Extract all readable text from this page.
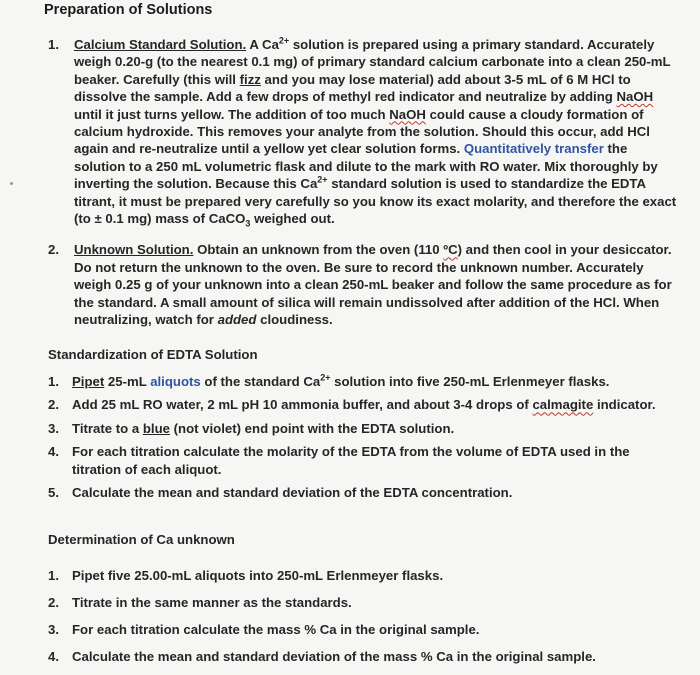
Preparation of Solutions
1.	Calcium Standard Solution. A $Ca^{2+}$ solution is prepared using a primary standard. Accurately weigh 0.20-g (to the nearest 0.1 mg) of primary standard calcium carbonate into a clean 250-mL beaker. Carefully (this will fizz and you may lose material) add about 3-5 mL of 6 M HCl to dissolve the sample. Add a few drops of methyl red indicator and neutralize by adding NaOH until it just turns yellow. The addition of too much NaOH could cause a cloudy formation of calcium hydroxide. This removes your analyte from the solution. Should this occur, add HCl again and re-neutralize until a yellow yet clear solution forms. Quantitatively transfer the solution to a 250 mL volumetric flask and dilute to the mark with RO water. Mix thoroughly by inverting the solution. Because this $Ca^{2+}$ standard solution is used to standardize the EDTA titrant, it must be prepared very carefully so you know its exact molarity, and therefore the exact (to ± 0.1 mg) mass of CaCO$_3$ weighed out.
2.	Unknown Solution. Obtain an unknown from the oven (110 ºC) and then cool in your desiccator. Do not return the unknown to the oven. Be sure to record the unknown number. Accurately weigh 0.25 g of your unknown into a clean 250-mL beaker and follow the same procedure as for the standard. A small amount of silica will remain undissolved after addition of the HCl. When neutralizing, watch for added cloudiness.
Standardization of EDTA Solution
1. Pipet 25-mL aliquots of the standard $Ca^{2+}$ solution into five 250-mL Erlenmeyer flasks.
2. Add 25 mL RO water, 2 mL pH 10 ammonia buffer, and about 3-4 drops of calmagite indicator.
3. Titrate to a blue (not violet) end point with the EDTA solution.
4. For each titration calculate the molarity of the EDTA from the volume of EDTA used in the titration of each aliquot.
5. Calculate the mean and standard deviation of the EDTA concentration.
Determination of Ca unknown
1. Pipet five 25.00-mL aliquots into 250-mL Erlenmeyer flasks.
2. Titrate in the same manner as the standards.
3. For each titration calculate the mass % Ca in the original sample.
4. Calculate the mean and standard deviation of the mass % Ca in the original sample.
